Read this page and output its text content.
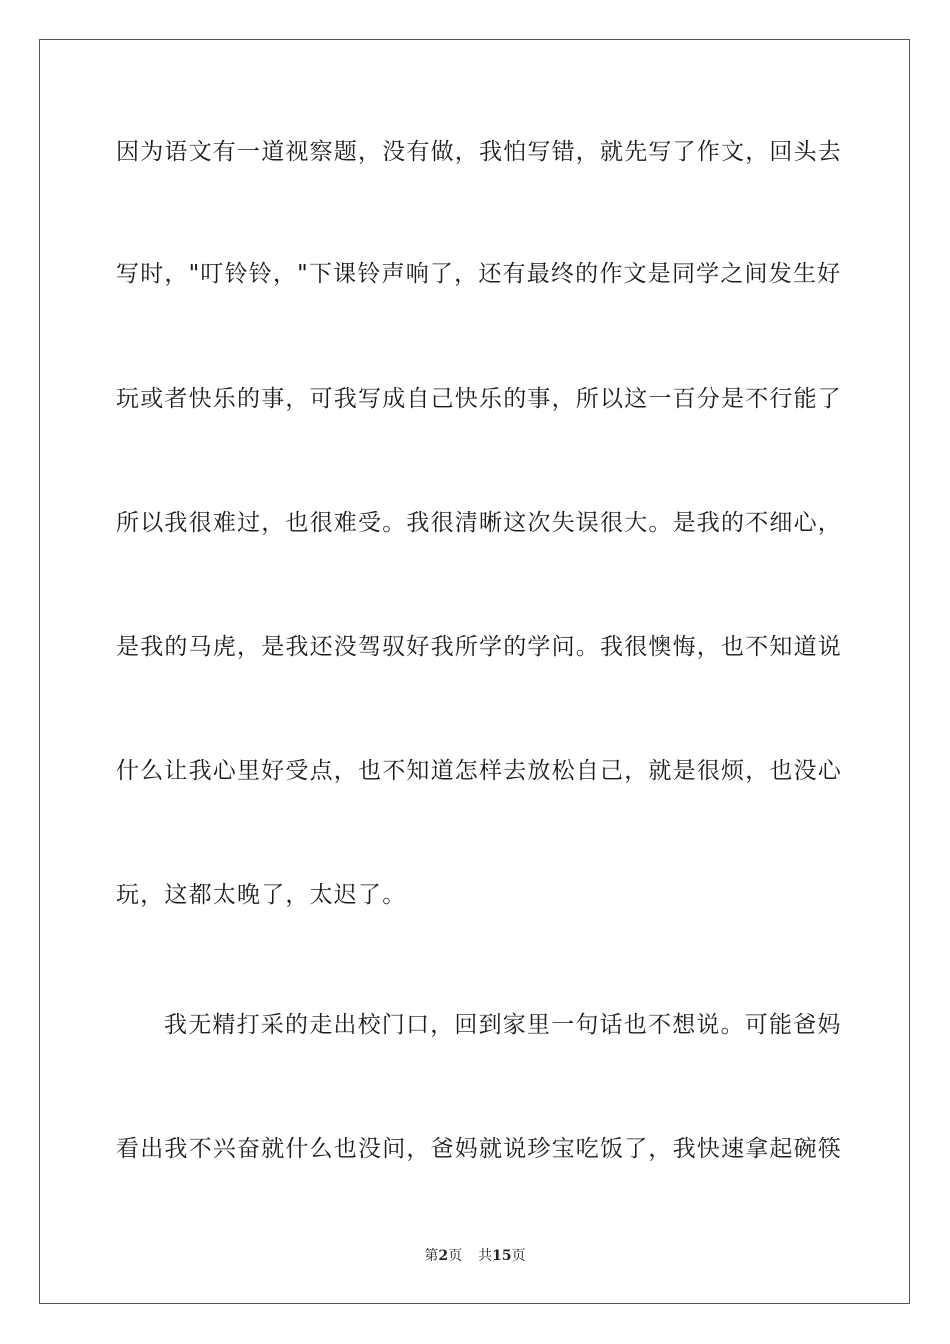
因为语文有一道视察题，没有做，我怕写错，就先写了作文，回头去
写时，"叮铃铃，"下课铃声响了，还有最终的作文是同学之间发生好
玩或者快乐的事，可我写成自己快乐的事，所以这一百分是不行能了
所以我很难过，也很难受。我很清晰这次失误很大。是我的不细心，
是我的马虎，是我还没驾驭好我所学的学问。我很懊悔，也不知道说
什么让我心里好受点，也不知道怎样去放松自己，就是很烦，也没心
玩，这都太晚了，太迟了。
我无精打采的走出校门口，回到家里一句话也不想说。可能爸妈
看出我不兴奋就什么也没问，爸妈就说珍宝吃饭了，我快速拿起碗筷
第2页 共15页
